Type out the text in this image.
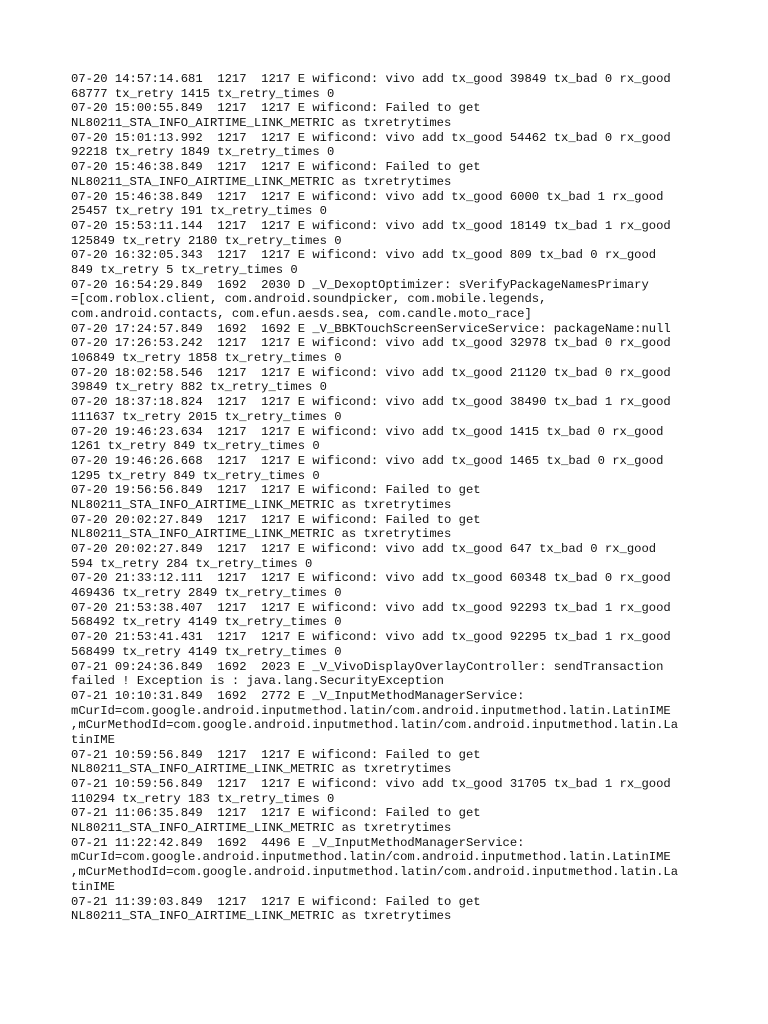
07-20 14:57:14.681  1217  1217 E wificond: vivo add tx_good 39849 tx_bad 0 rx_good
68777 tx_retry 1415 tx_retry_times 0
07-20 15:00:55.849  1217  1217 E wificond: Failed to get
NL80211_STA_INFO_AIRTIME_LINK_METRIC as txretrytimes
07-20 15:01:13.992  1217  1217 E wificond: vivo add tx_good 54462 tx_bad 0 rx_good
92218 tx_retry 1849 tx_retry_times 0
07-20 15:46:38.849  1217  1217 E wificond: Failed to get
NL80211_STA_INFO_AIRTIME_LINK_METRIC as txretrytimes
07-20 15:46:38.849  1217  1217 E wificond: vivo add tx_good 6000 tx_bad 1 rx_good
25457 tx_retry 191 tx_retry_times 0
07-20 15:53:11.144  1217  1217 E wificond: vivo add tx_good 18149 tx_bad 1 rx_good
125849 tx_retry 2180 tx_retry_times 0
07-20 16:32:05.343  1217  1217 E wificond: vivo add tx_good 809 tx_bad 0 rx_good
849 tx_retry 5 tx_retry_times 0
07-20 16:54:29.849  1692  2030 D _V_DexoptOptimizer: sVerifyPackageNamesPrimary
=[com.roblox.client, com.android.soundpicker, com.mobile.legends,
com.android.contacts, com.efun.aesds.sea, com.candle.moto_race]
07-20 17:24:57.849  1692  1692 E _V_BBKTouchScreenServiceService: packageName:null
07-20 17:26:53.242  1217  1217 E wificond: vivo add tx_good 32978 tx_bad 0 rx_good
106849 tx_retry 1858 tx_retry_times 0
07-20 18:02:58.546  1217  1217 E wificond: vivo add tx_good 21120 tx_bad 0 rx_good
39849 tx_retry 882 tx_retry_times 0
07-20 18:37:18.824  1217  1217 E wificond: vivo add tx_good 38490 tx_bad 1 rx_good
111637 tx_retry 2015 tx_retry_times 0
07-20 19:46:23.634  1217  1217 E wificond: vivo add tx_good 1415 tx_bad 0 rx_good
1261 tx_retry 849 tx_retry_times 0
07-20 19:46:26.668  1217  1217 E wificond: vivo add tx_good 1465 tx_bad 0 rx_good
1295 tx_retry 849 tx_retry_times 0
07-20 19:56:56.849  1217  1217 E wificond: Failed to get
NL80211_STA_INFO_AIRTIME_LINK_METRIC as txretrytimes
07-20 20:02:27.849  1217  1217 E wificond: Failed to get
NL80211_STA_INFO_AIRTIME_LINK_METRIC as txretrytimes
07-20 20:02:27.849  1217  1217 E wificond: vivo add tx_good 647 tx_bad 0 rx_good
594 tx_retry 284 tx_retry_times 0
07-20 21:33:12.111  1217  1217 E wificond: vivo add tx_good 60348 tx_bad 0 rx_good
469436 tx_retry 2849 tx_retry_times 0
07-20 21:53:38.407  1217  1217 E wificond: vivo add tx_good 92293 tx_bad 1 rx_good
568492 tx_retry 4149 tx_retry_times 0
07-20 21:53:41.431  1217  1217 E wificond: vivo add tx_good 92295 tx_bad 1 rx_good
568499 tx_retry 4149 tx_retry_times 0
07-21 09:24:36.849  1692  2023 E _V_VivoDisplayOverlayController: sendTransaction
failed ! Exception is : java.lang.SecurityException
07-21 10:10:31.849  1692  2772 E _V_InputMethodManagerService:
mCurId=com.google.android.inputmethod.latin/com.android.inputmethod.latin.LatinIME
,mCurMethodId=com.google.android.inputmethod.latin/com.android.inputmethod.latin.La
tinIME
07-21 10:59:56.849  1217  1217 E wificond: Failed to get
NL80211_STA_INFO_AIRTIME_LINK_METRIC as txretrytimes
07-21 10:59:56.849  1217  1217 E wificond: vivo add tx_good 31705 tx_bad 1 rx_good
110294 tx_retry 183 tx_retry_times 0
07-21 11:06:35.849  1217  1217 E wificond: Failed to get
NL80211_STA_INFO_AIRTIME_LINK_METRIC as txretrytimes
07-21 11:22:42.849  1692  4496 E _V_InputMethodManagerService:
mCurId=com.google.android.inputmethod.latin/com.android.inputmethod.latin.LatinIME
,mCurMethodId=com.google.android.inputmethod.latin/com.android.inputmethod.latin.La
tinIME
07-21 11:39:03.849  1217  1217 E wificond: Failed to get
NL80211_STA_INFO_AIRTIME_LINK_METRIC as txretrytimes
